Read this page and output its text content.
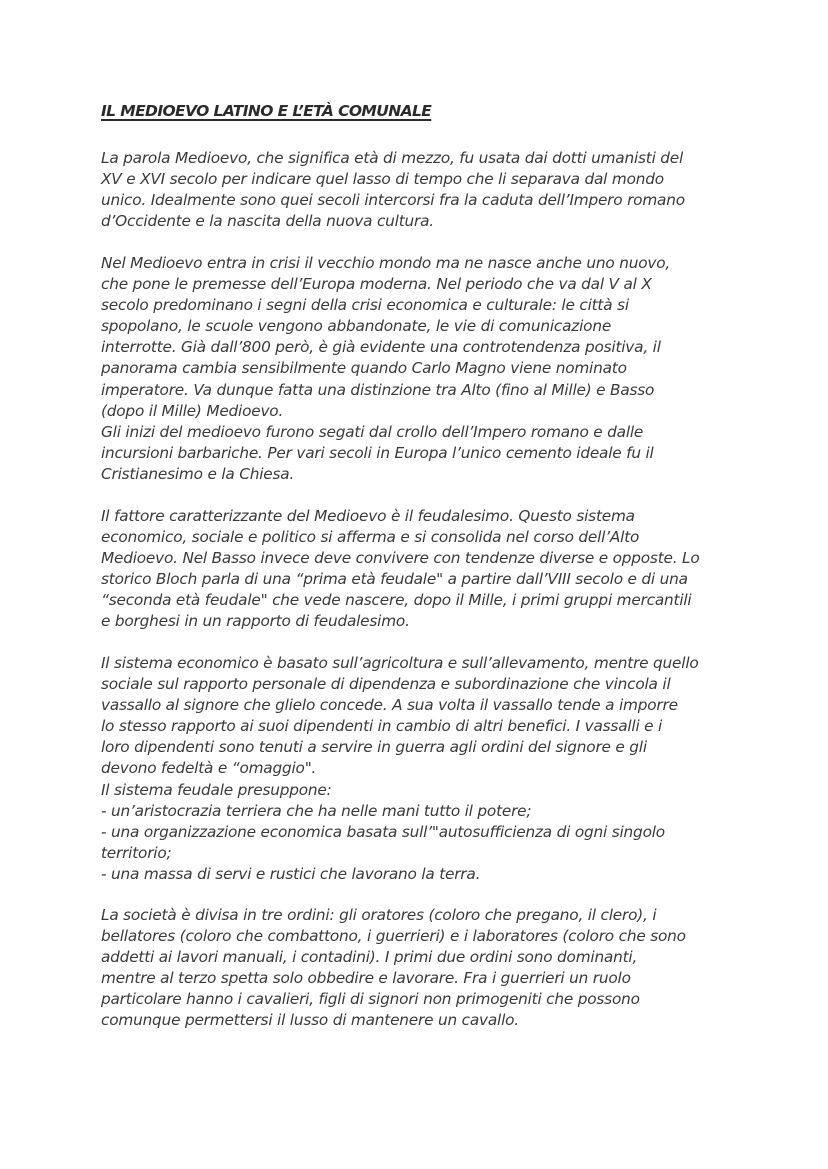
IL MEDIOEVO LATINO E L’ETÀ COMUNALE
La parola Medioevo, che significa età di mezzo, fu usata dai dotti umanisti del
XV e XVI secolo per indicare quel lasso di tempo che li separava dal mondo
unico. Idealmente sono quei secoli intercorsi fra la caduta dell’Impero romano
d’Occidente e la nascita della nuova cultura.
Nel Medioevo entra in crisi il vecchio mondo ma ne nasce anche uno nuovo,
che pone le premesse dell’Europa moderna. Nel periodo che va dal V al X
secolo predominano i segni della crisi economica e culturale: le città si
spopolano, le scuole vengono abbandonate, le vie di comunicazione
interrotte. Già dall’800 però, è già evidente una controtendenza positiva, il
panorama cambia sensibilmente quando Carlo Magno viene nominato
imperatore. Va dunque fatta una distinzione tra Alto (fino al Mille) e Basso
(dopo il Mille) Medioevo.
Gli inizi del medioevo furono segati dal crollo dell’Impero romano e dalle
incursioni barbariche. Per vari secoli in Europa l’unico cemento ideale fu il
Cristianesimo e la Chiesa.
Il fattore caratterizzante del Medioevo è il feudalesimo. Questo sistema
economico, sociale e politico si afferma e si consolida nel corso dell’Alto
Medioevo. Nel Basso invece deve convivere con tendenze diverse e opposte. Lo
storico Bloch parla di una “prima età feudale" a partire dall’VIII secolo e di una
“seconda età feudale" che vede nascere, dopo il Mille, i primi gruppi mercantili
e borghesi in un rapporto di feudalesimo.
Il sistema economico è basato sull’agricoltura e sull’allevamento, mentre quello
sociale sul rapporto personale di dipendenza e subordinazione che vincola il
vassallo al signore che glielo concede. A sua volta il vassallo tende a imporre
lo stesso rapporto ai suoi dipendenti in cambio di altri benefici. I vassalli e i
loro dipendenti sono tenuti a servire in guerra agli ordini del signore e gli
devono fedeltà e “omaggio".
Il sistema feudale presuppone:
- un’aristocrazia terriera che ha nelle mani tutto il potere;
- una organizzazione economica basata sull’"autosufficienza di ogni singolo
territorio;
- una massa di servi e rustici che lavorano la terra.
La società è divisa in tre ordini: gli oratores (coloro che pregano, il clero), i
bellatores (coloro che combattono, i guerrieri) e i laboratores (coloro che sono
addetti ai lavori manuali, i contadini). I primi due ordini sono dominanti,
mentre al terzo spetta solo obbedire e lavorare. Fra i guerrieri un ruolo
particolare hanno i cavalieri, figli di signori non primogeniti che possono
comunque permettersi il lusso di mantenere un cavallo.
